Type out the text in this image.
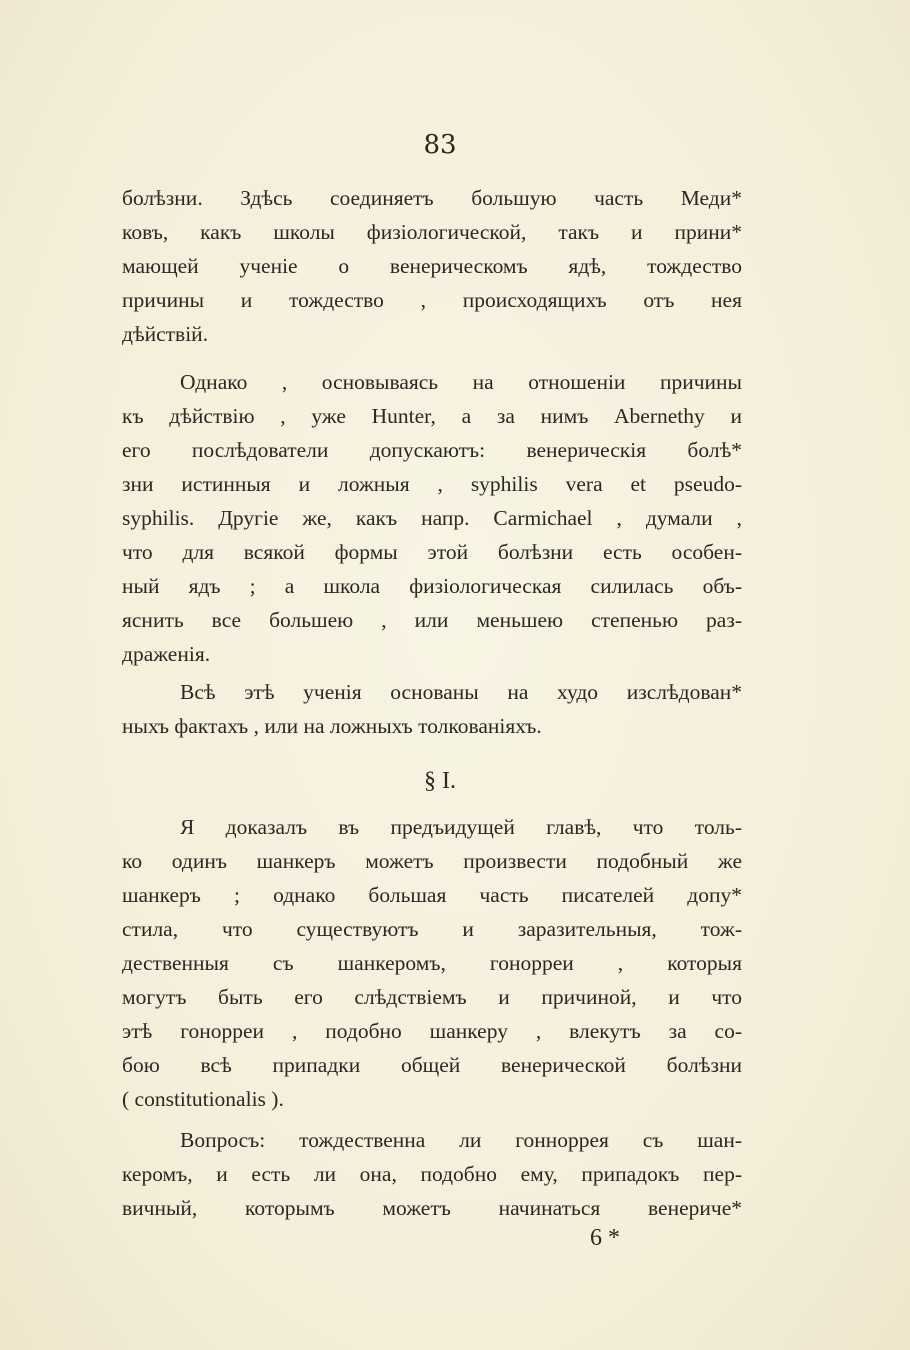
83
болѣзни. Здѣсь соединяетъ большую часть Меди*
ковъ, какъ школы физiологической, такъ и прини*
мающей ученiе о венерическомъ ядѣ, тождество
причины и тождество , происходящихъ отъ нея
дѣйствiй.
Однако , основываясь на отношенiи причины
къ дѣйствiю , уже Hunter, а за нимъ Abernethy и
его послѣдователи допускаютъ: венерическiя болѣ*
зни истинныя и ложныя , syphilis vera et pseudo-
syphilis. Другiе же, какъ напр. Carmichael , думали ,
что для всякой формы этой болѣзни есть особен-
ный ядъ ; а школа физiологическая силилась объ-
яснить все большею , или меньшею степенью раз-
драженiя.
Всѣ этѣ ученiя основаны на худо изслѣдован*
ныхъ фактахъ , или на ложныхъ толкованiяхъ.
§ I.
Я доказалъ въ предъидущей главѣ, что толь-
ко одинъ шанкеръ можетъ произвести подобный же
шанкеръ ; однако большая часть писателей допу*
стила, что существуютъ и заразительныя, тож-
дественныя съ шанкеромъ, гонорреи , которыя
могутъ быть его слѣдствiемъ и причиной, и что
этѣ гонорреи , подобно шанкеру , влекутъ за со-
бою всѣ припадки общей венерической болѣзни
( constitutionalis ).
Вопросъ: тождественна ли гонноррея съ шан-
керомъ, и есть ли она, подобно ему, припадокъ пер-
вичный, которымъ можетъ начинаться венериче*
6 *
